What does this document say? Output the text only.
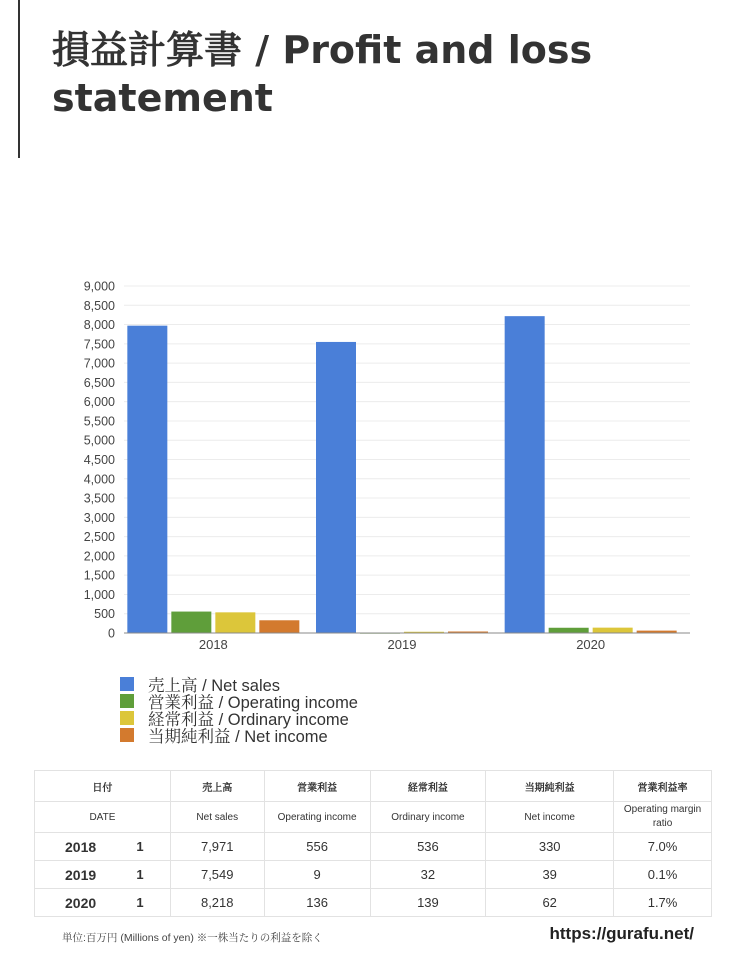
損益計算書 / Profit and loss statement
0
500
1,000
1,500
2,000
2,500
3,000
3,500
4,000
4,500
5,000
5,500
6,000
6,500
7,000
7,500
8,000
8,500
9,000
2018	2019	2020
売上高 / Net sales
営業利益 / Operating income
経常利益 / Ordinary income
当期純利益 / Net income
日付		売上高	営業利益	経常利益	当期純利益	営業利益率
DATE		Net sales	Operating income	Ordinary income	Net income	Operating margin ratio
2018	1	7,971	556	536	330	7.0%
2019	1	7,549	9	32	39	0.1%
2020	1	8,218	136	139	62	1.7%
単位:百万円 (Millions of yen) ※一株当たりの利益を除く	https://gurafu.net/
